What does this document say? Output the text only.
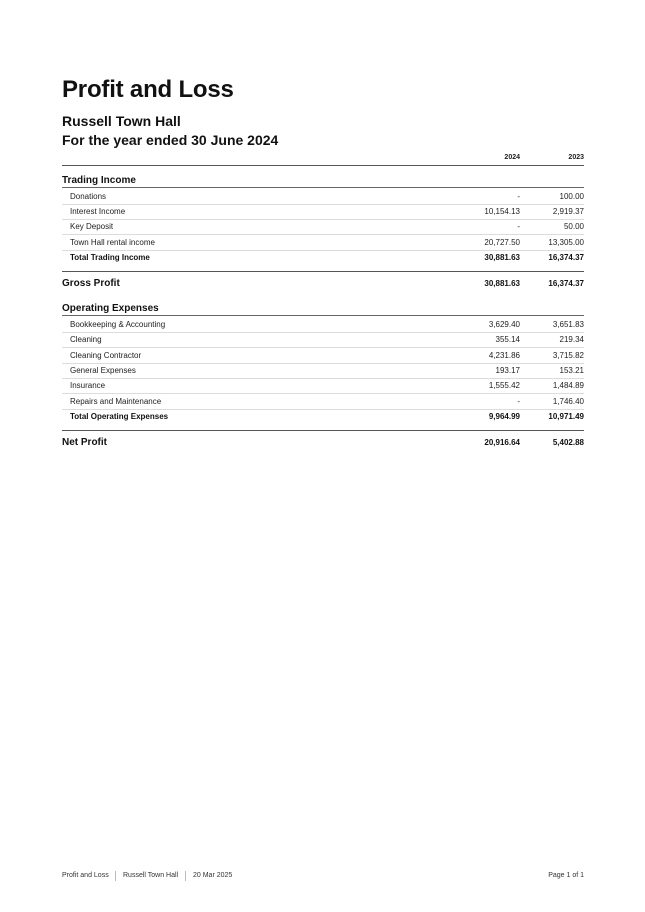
Profit and Loss
Russell Town Hall
For the year ended 30 June 2024
2024	2023
Trading Income
Donations	-	100.00
Interest Income	10,154.13	2,919.37
Key Deposit	-	50.00
Town Hall rental income	20,727.50	13,305.00
Total Trading Income	30,881.63	16,374.37
Gross Profit	30,881.63	16,374.37
Operating Expenses
Bookkeeping & Accounting	3,629.40	3,651.83
Cleaning	355.14	219.34
Cleaning Contractor	4,231.86	3,715.82
General Expenses	193.17	153.21
Insurance	1,555.42	1,484.89
Repairs and Maintenance	-	1,746.40
Total Operating Expenses	9,964.99	10,971.49
Net Profit	20,916.64	5,402.88
Profit and Loss Russell Town Hall 20 Mar 2025	Page 1 of 1
